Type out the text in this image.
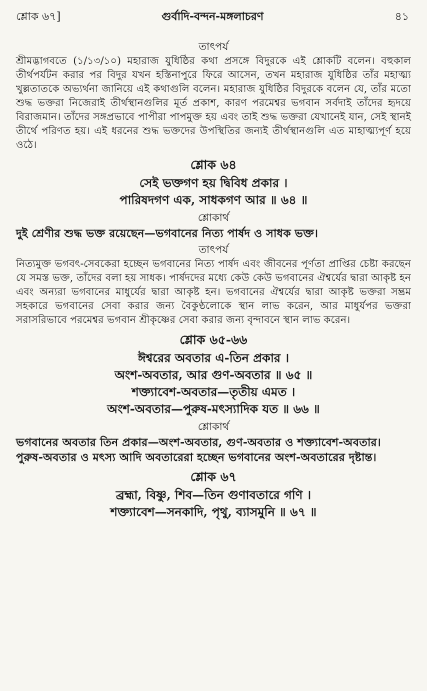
শ্লোক ৬৭]	গুর্বাদি-বন্দন-মঙ্গলাচরণ	৪১
তাৎপর্য
শ্রীমদ্ভাগবতে (১/১৩/১০) মহারাজ যুধিষ্ঠির কথা প্রসঙ্গে বিদুরকে এই শ্লোকটি বলেন। বহুকাল তীর্থপর্যটন করার পর বিদুর যখন হস্তিনাপুরে ফিরে আসেন, তখন মহারাজ যুধিষ্ঠির তাঁর মহাত্ম্য খুল্লতাতকে অভ্যর্থনা জানিয়ে এই কথাগুলি বলেন। মহারাজ যুধিষ্ঠির বিদুরকে বলেন যে, তাঁর মতো শুদ্ধ ভক্তরা নিজেরাই তীর্থস্থানগুলির মূর্ত প্রকাশ, কারণ পরমেশ্বর ভগবান সর্বদাই তাঁদের হৃদয়ে বিরাজমান। তাঁদের সঙ্গপ্রভাবে পাপীরা পাপমুক্ত হয় এবং তাই শুদ্ধ ভক্তরা যেখানেই যান, সেই স্থানই তীর্থে পরিণত হয়। এই ধরনের শুদ্ধ ভক্তদের উপস্থিতির জন্যই তীর্থস্থানগুলি এত মাহাত্ম্যপূর্ণ হয়ে ওঠে।
শ্লোক ৬৪
সেই ভক্তগণ হয় দ্বিবিধ প্রকার ।
পারিষদগণ এক, সাধকগণ আর ॥ ৬৪ ॥
শ্লোকার্থ
দুই শ্রেণীর শুদ্ধ ভক্ত রয়েছেন—ভগবানের নিত্য পার্ষদ ও সাধক ভক্ত।
তাৎপর্য
নিত্যমুক্ত ভগবৎ-সেবকেরা হচ্ছেন ভগবানের নিত্য পার্ষদ এবং জীবনের পূর্ণতা প্রাপ্তির চেষ্টা করছেন যে সমস্ত ভক্ত, তাঁদের বলা হয় সাধক। পার্ষদদের মধ্যে কেউ কেউ ভগবানের ঐশ্বর্যের দ্বারা আকৃষ্ট হন এবং অন্যরা ভগবানের মাধুর্যের দ্বারা আকৃষ্ট হন। ভগবানের ঐশ্বর্যের দ্বারা আকৃষ্ট ভক্তরা সম্ভ্রম সহকারে ভগবানের সেবা করার জন্য বৈকুণ্ঠলোকে স্থান লাভ করেন, আর মাধুর্যপর ভক্তরা সরাসরিভাবে পরমেশ্বর ভগবান শ্রীকৃষ্ণের সেবা করার জন্য বৃন্দাবনে স্থান লাভ করেন।
শ্লোক ৬৫-৬৬
ঈশ্বরের অবতার এ-তিন প্রকার ।
অংশ-অবতার, আর গুণ-অবতার ॥ ৬৫ ॥
শক্ত্যাবেশ-অবতার—তৃতীয় এমত ।
অংশ-অবতার—পুরুষ-মৎস্যাদিক যত ॥ ৬৬ ॥
শ্লোকার্থ
ভগবানের অবতার তিন প্রকার—অংশ-অবতার, গুণ-অবতার ও শক্ত্যাবেশ-অবতার। পুরুষ-অবতার ও মৎস্য আদি অবতারেরা হচ্ছেন ভগবানের অংশ-অবতারের দৃষ্টান্ত।
শ্লোক ৬৭
ব্রহ্মা, বিষ্ণু, শিব—তিন গুণাবতারে গণি ।
শক্ত্যাবেশ—সনকাদি, পৃথু, ব্যাসমুনি ॥ ৬৭ ॥
